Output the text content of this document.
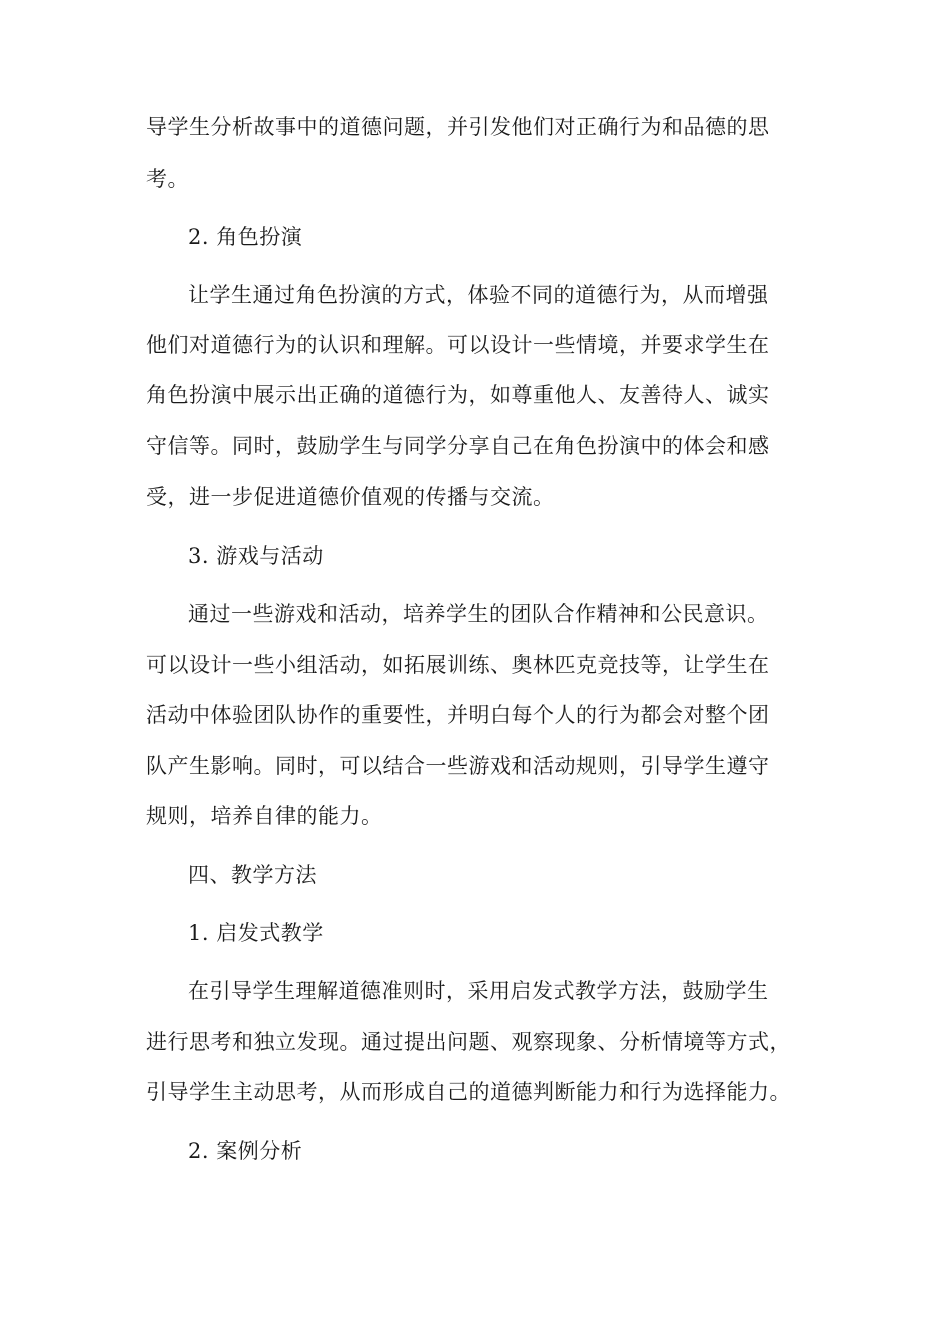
导学生分析故事中的道德问题，并引发他们对正确行为和品德的思
考。
2. 角色扮演
让学生通过角色扮演的方式，体验不同的道德行为，从而增强
他们对道德行为的认识和理解。可以设计一些情境，并要求学生在
角色扮演中展示出正确的道德行为，如尊重他人、友善待人、诚实
守信等。同时，鼓励学生与同学分享自己在角色扮演中的体会和感
受，进一步促进道德价值观的传播与交流。
3. 游戏与活动
通过一些游戏和活动，培养学生的团队合作精神和公民意识。
可以设计一些小组活动，如拓展训练、奥林匹克竞技等，让学生在
活动中体验团队协作的重要性，并明白每个人的行为都会对整个团
队产生影响。同时，可以结合一些游戏和活动规则，引导学生遵守
规则，培养自律的能力。
四、教学方法
1. 启发式教学
在引导学生理解道德准则时，采用启发式教学方法，鼓励学生
进行思考和独立发现。通过提出问题、观察现象、分析情境等方式，
引导学生主动思考，从而形成自己的道德判断能力和行为选择能力。
2. 案例分析
